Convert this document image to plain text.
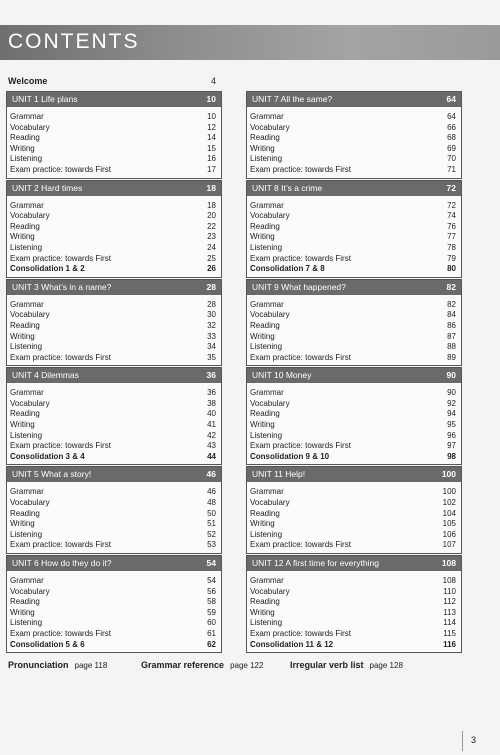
CONTENTS
Welcome	4
UNIT 1 Life plans	10
Grammar	10
Vocabulary	12
Reading	14
Writing	15
Listening	16
Exam practice: towards First	17
UNIT 2 Hard times	18
Grammar	18
Vocabulary	20
Reading	22
Writing	23
Listening	24
Exam practice: towards First	25
Consolidation 1 & 2	26
UNIT 3 What’s in a name?	28
Grammar	28
Vocabulary	30
Reading	32
Writing	33
Listening	34
Exam practice: towards First	35
UNIT 4 Dilemmas	36
Grammar	36
Vocabulary	38
Reading	40
Writing	41
Listening	42
Exam practice: towards First	43
Consolidation 3 & 4	44
UNIT 5 What a story!	46
Grammar	46
Vocabulary	48
Reading	50
Writing	51
Listening	52
Exam practice: towards First	53
UNIT 6 How do they do it?	54
Grammar	54
Vocabulary	56
Reading	58
Writing	59
Listening	60
Exam practice: towards First	61
Consolidation 5 & 6	62
UNIT 7 All the same?	64
Grammar	64
Vocabulary	66
Reading	68
Writing	69
Listening	70
Exam practice: towards First	71
UNIT 8 It’s a crime	72
Grammar	72
Vocabulary	74
Reading	76
Writing	77
Listening	78
Exam practice: towards First	79
Consolidation 7 & 8	80
UNIT 9 What happened?	82
Grammar	82
Vocabulary	84
Reading	86
Writing	87
Listening	88
Exam practice: towards First	89
UNIT 10 Money	90
Grammar	90
Vocabulary	92
Reading	94
Writing	95
Listening	96
Exam practice: towards First	97
Consolidation 9 & 10	98
UNIT 11 Help!	100
Grammar	100
Vocabulary	102
Reading	104
Writing	105
Listening	106
Exam practice: towards First	107
UNIT 12 A first time for everything	108
Grammar	108
Vocabulary	110
Reading	112
Writing	113
Listening	114
Exam practice: towards First	115
Consolidation 11 & 12	116
Pronunciation page 118	Grammar reference page 122	Irregular verb list page 128
3
